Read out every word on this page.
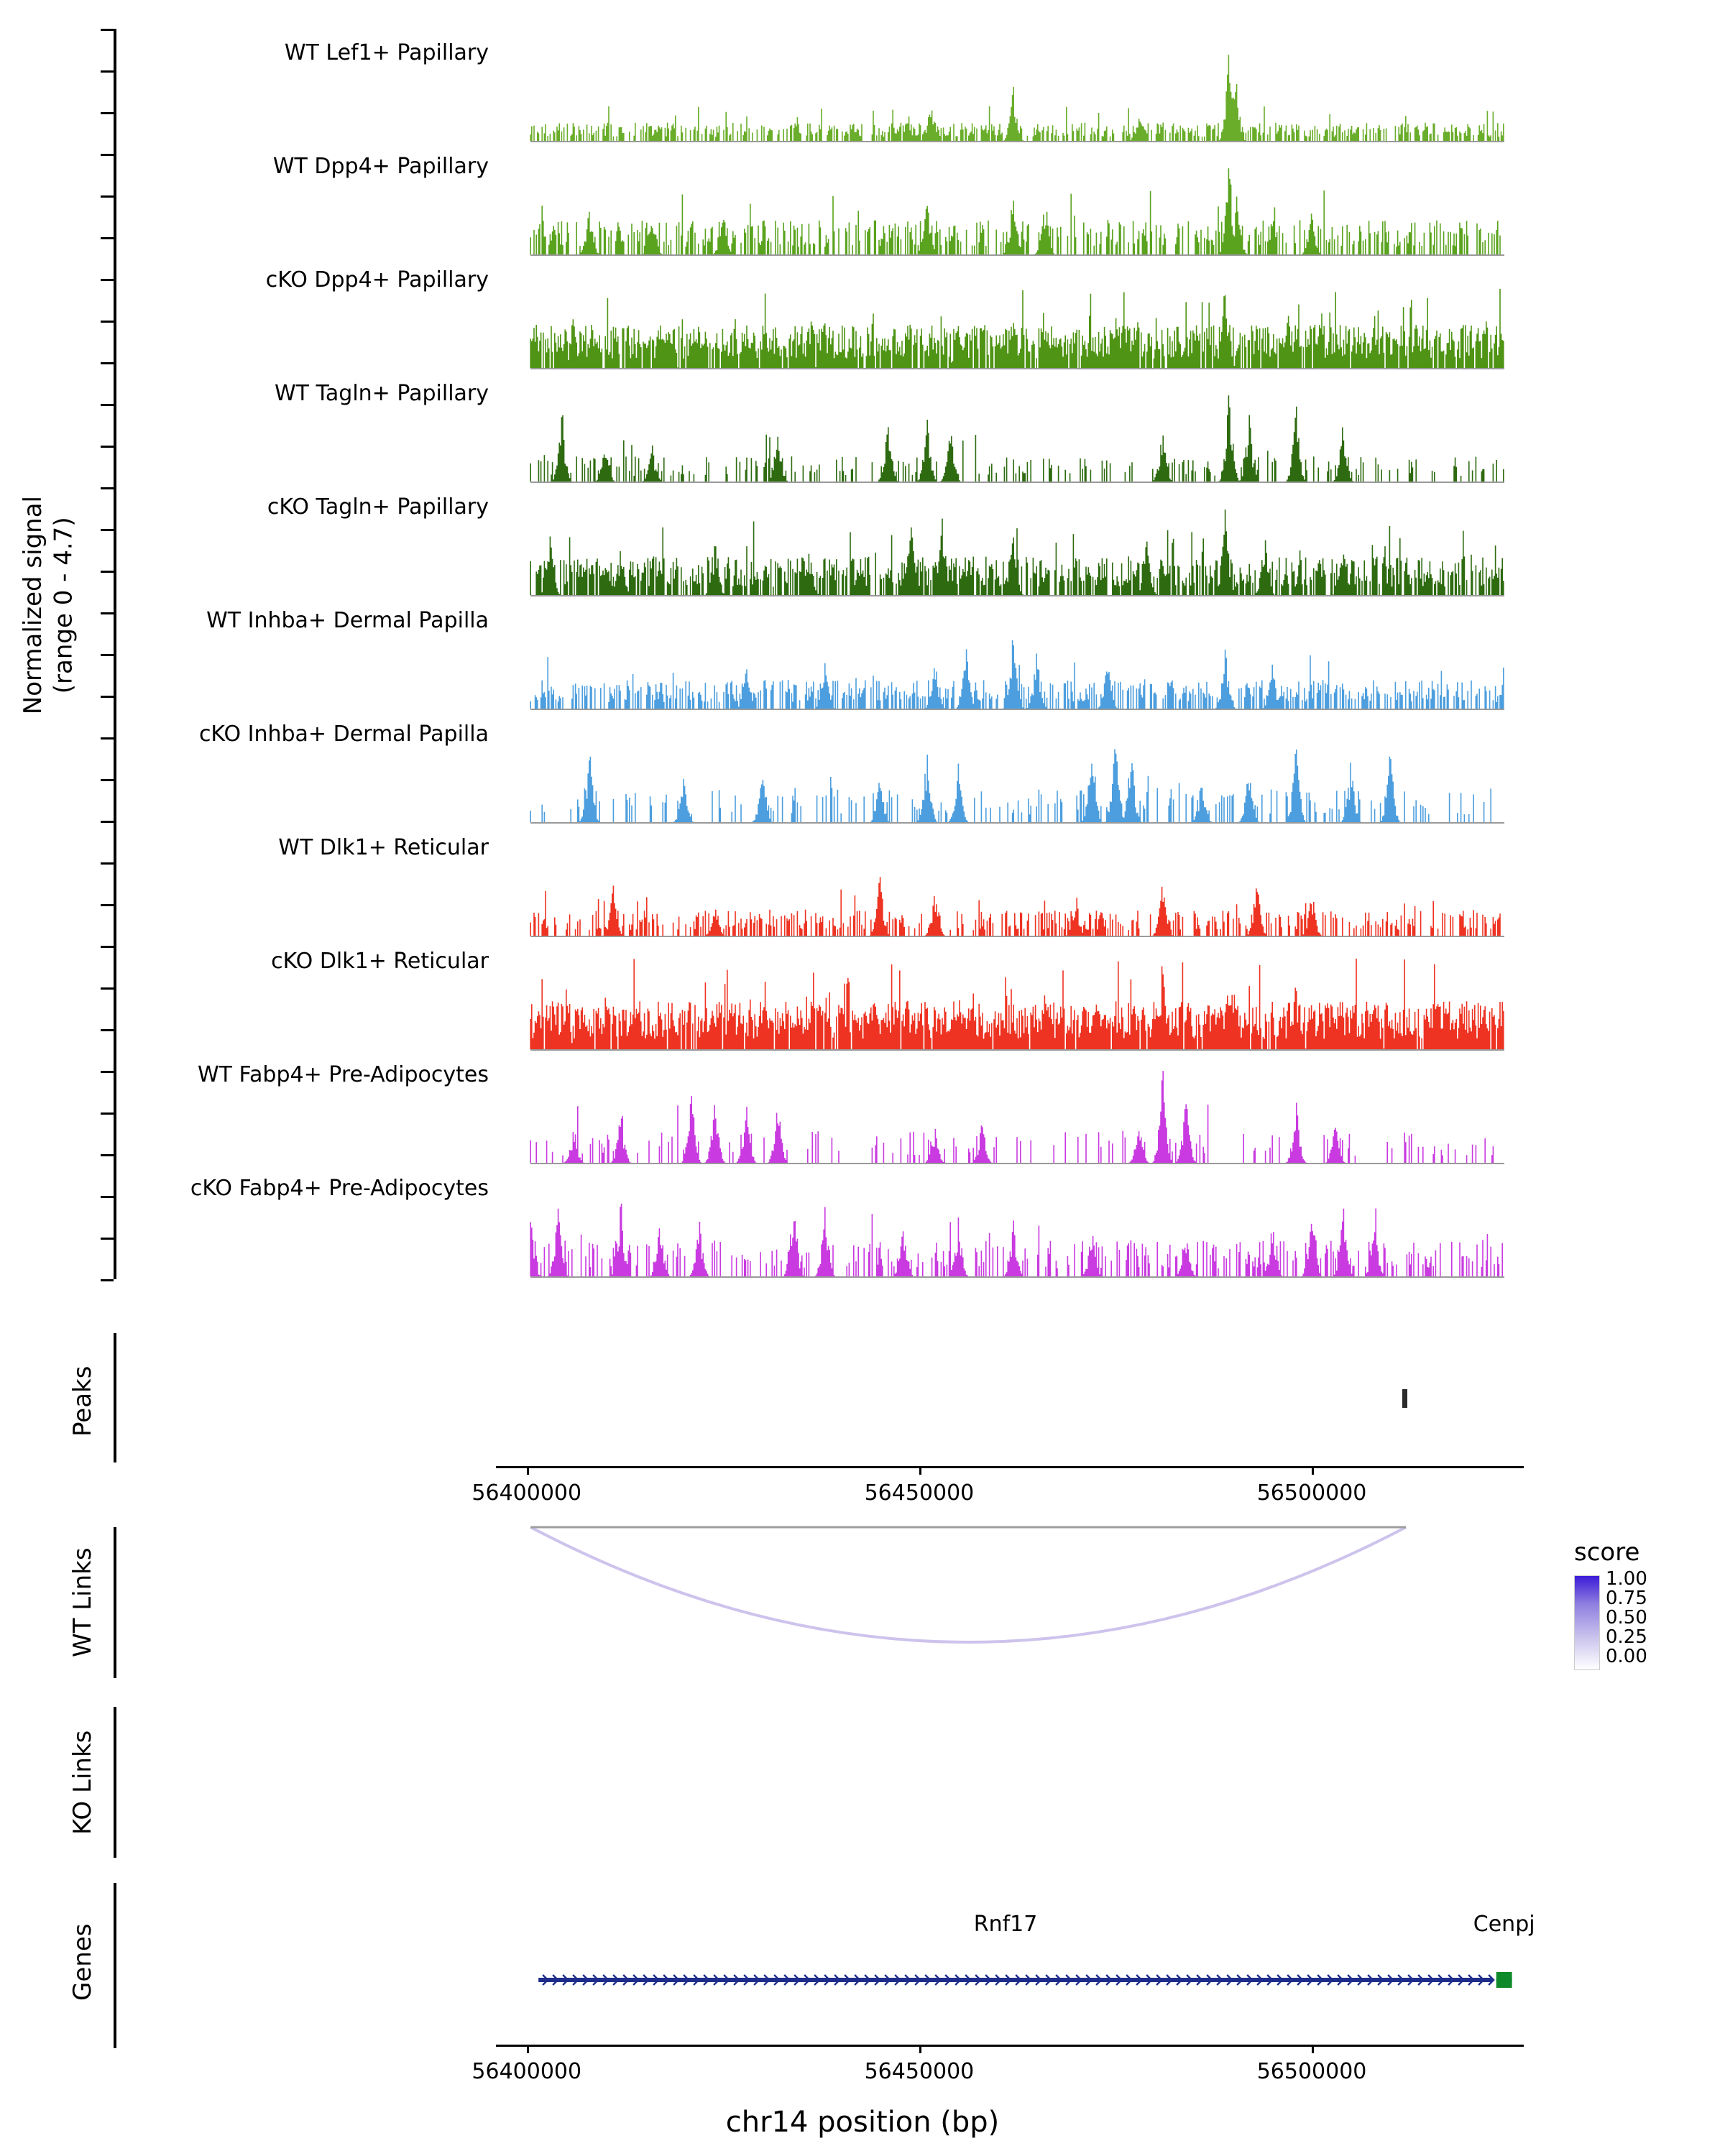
Normalized signal
(range 0 - 4.7)
WT Lef1+ Papillary
WT Dpp4+ Papillary
cKO Dpp4+ Papillary
WT Tagln+ Papillary
cKO Tagln+ Papillary
WT Inhba+ Dermal Papilla
cKO Inhba+ Dermal Papilla
WT Dlk1+ Reticular
cKO Dlk1+ Reticular
WT Fabp4+ Pre-Adipocytes
cKO Fabp4+ Pre-Adipocytes
Peaks
56400000	56450000	56500000
WT Links
KO Links
Genes	Rnf17	Cenpj
56400000	56450000	56500000
chr14 position (bp)
score
1.00
0.75
0.50
0.25
0.00
